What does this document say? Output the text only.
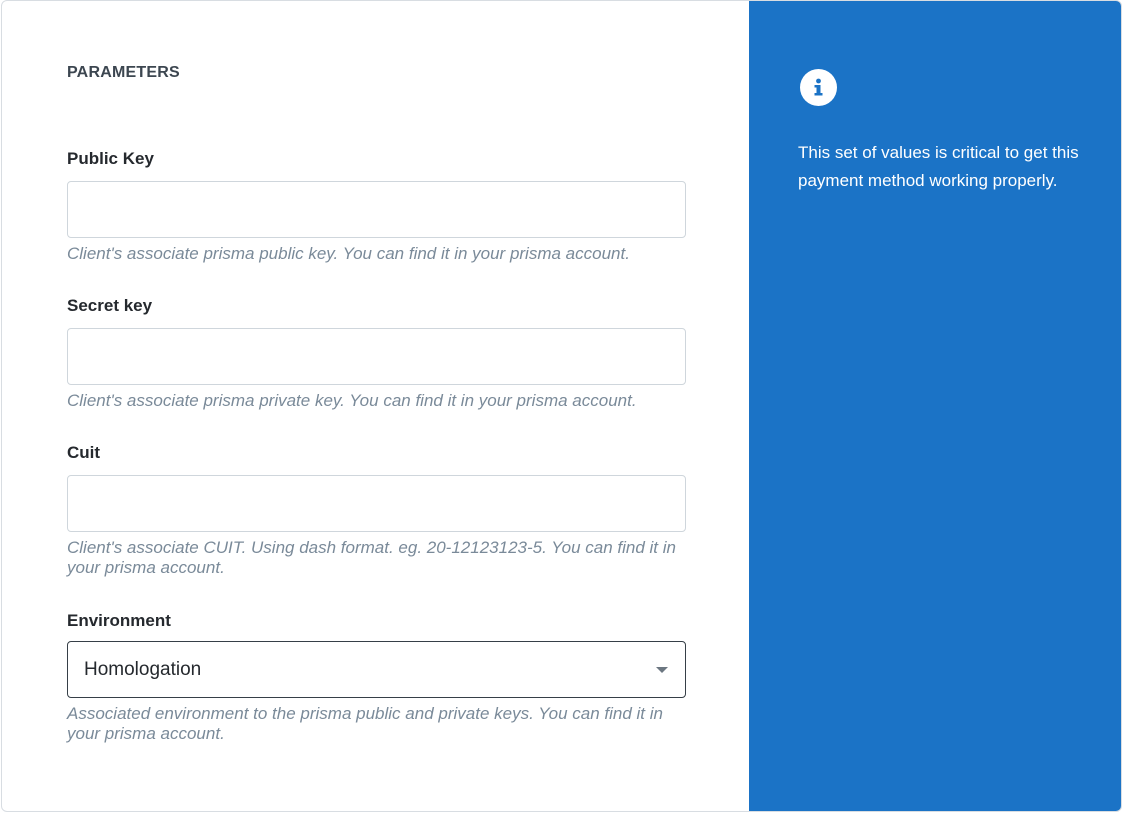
PARAMETERS
Public Key
Client's associate prisma public key. You can find it in your prisma account.
Secret key
Client's associate prisma private key. You can find it in your prisma account.
Cuit
Client's associate CUIT. Using dash format. eg. 20-12123123-5. You can find it in your prisma account.
Environment
Homologation
Associated environment to the prisma public and private keys. You can find it in your prisma account.
This set of values is critical to get this payment method working properly.
